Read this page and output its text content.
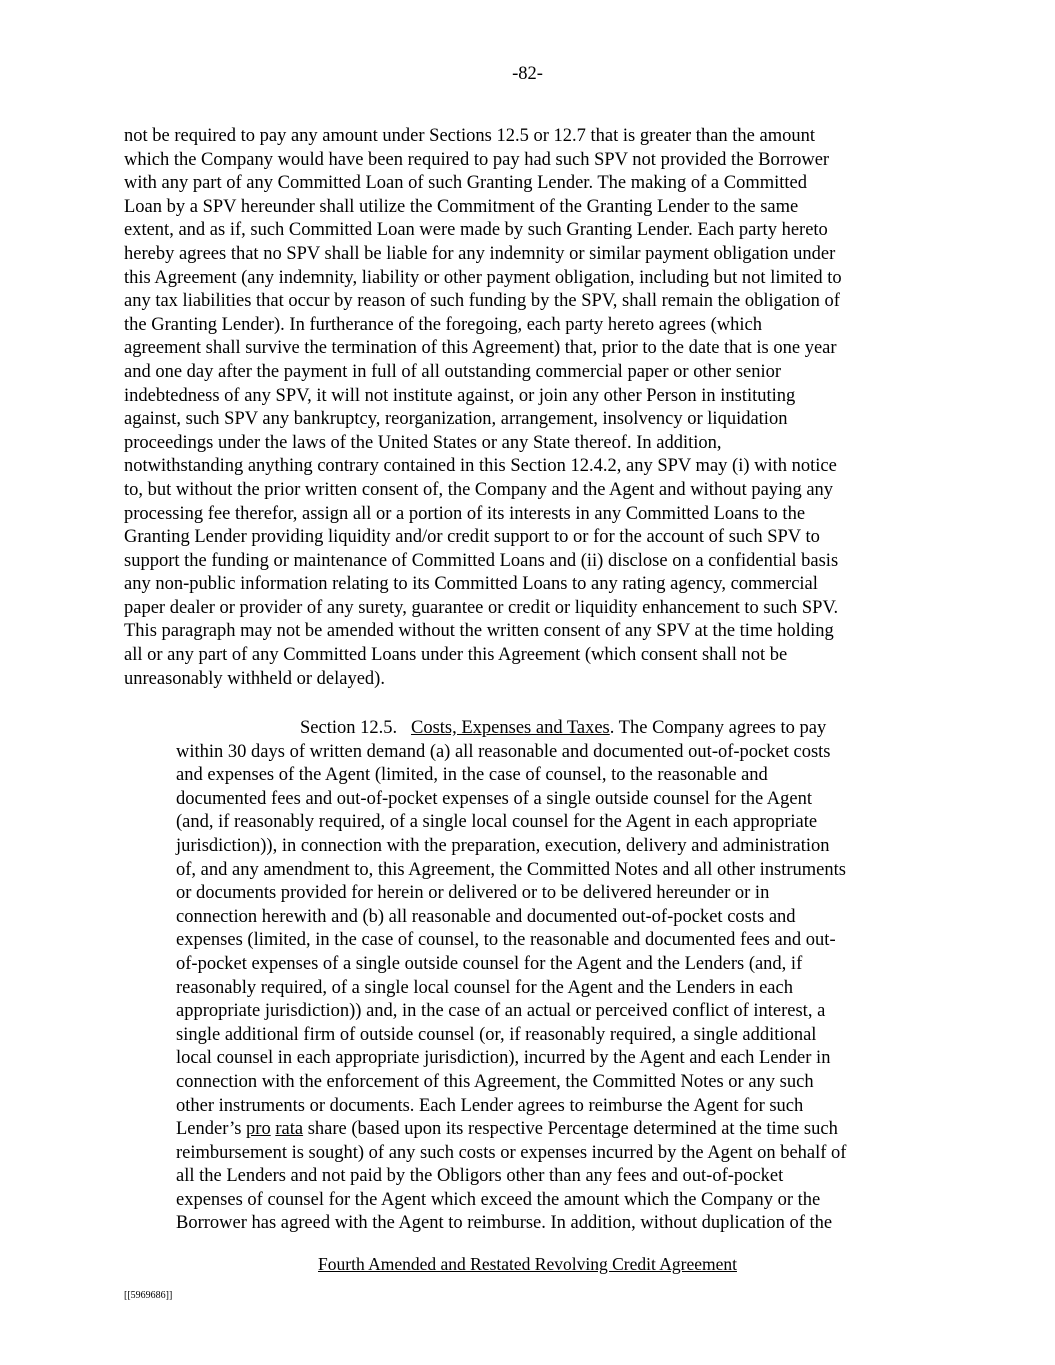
-82-
not be required to pay any amount under Sections 12.5 or 12.7 that is greater than the amount
which the Company would have been required to pay had such SPV not provided the Borrower
with any part of any Committed Loan of such Granting Lender. The making of a Committed
Loan by a SPV hereunder shall utilize the Commitment of the Granting Lender to the same
extent, and as if, such Committed Loan were made by such Granting Lender. Each party hereto
hereby agrees that no SPV shall be liable for any indemnity or similar payment obligation under
this Agreement (any indemnity, liability or other payment obligation, including but not limited to
any tax liabilities that occur by reason of such funding by the SPV, shall remain the obligation of
the Granting Lender). In furtherance of the foregoing, each party hereto agrees (which
agreement shall survive the termination of this Agreement) that, prior to the date that is one year
and one day after the payment in full of all outstanding commercial paper or other senior
indebtedness of any SPV, it will not institute against, or join any other Person in instituting
against, such SPV any bankruptcy, reorganization, arrangement, insolvency or liquidation
proceedings under the laws of the United States or any State thereof. In addition,
notwithstanding anything contrary contained in this Section 12.4.2, any SPV may (i) with notice
to, but without the prior written consent of, the Company and the Agent and without paying any
processing fee therefor, assign all or a portion of its interests in any Committed Loans to the
Granting Lender providing liquidity and/or credit support to or for the account of such SPV to
support the funding or maintenance of Committed Loans and (ii) disclose on a confidential basis
any non-public information relating to its Committed Loans to any rating agency, commercial
paper dealer or provider of any surety, guarantee or credit or liquidity enhancement to such SPV.
This paragraph may not be amended without the written consent of any SPV at the time holding
all or any part of any Committed Loans under this Agreement (which consent shall not be
unreasonably withheld or delayed).
Section 12.5. Costs, Expenses and Taxes. The Company agrees to pay
within 30 days of written demand (a) all reasonable and documented out-of-pocket costs
and expenses of the Agent (limited, in the case of counsel, to the reasonable and
documented fees and out-of-pocket expenses of a single outside counsel for the Agent
(and, if reasonably required, of a single local counsel for the Agent in each appropriate
jurisdiction)), in connection with the preparation, execution, delivery and administration
of, and any amendment to, this Agreement, the Committed Notes and all other instruments
or documents provided for herein or delivered or to be delivered hereunder or in
connection herewith and (b) all reasonable and documented out-of-pocket costs and
expenses (limited, in the case of counsel, to the reasonable and documented fees and out-
of-pocket expenses of a single outside counsel for the Agent and the Lenders (and, if
reasonably required, of a single local counsel for the Agent and the Lenders in each
appropriate jurisdiction)) and, in the case of an actual or perceived conflict of interest, a
single additional firm of outside counsel (or, if reasonably required, a single additional
local counsel in each appropriate jurisdiction), incurred by the Agent and each Lender in
connection with the enforcement of this Agreement, the Committed Notes or any such
other instruments or documents. Each Lender agrees to reimburse the Agent for such
Lender’s pro rata share (based upon its respective Percentage determined at the time such
reimbursement is sought) of any such costs or expenses incurred by the Agent on behalf of
all the Lenders and not paid by the Obligors other than any fees and out-of-pocket
expenses of counsel for the Agent which exceed the amount which the Company or the
Borrower has agreed with the Agent to reimburse. In addition, without duplication of the
Fourth Amended and Restated Revolving Credit Agreement
[[5969686]]
